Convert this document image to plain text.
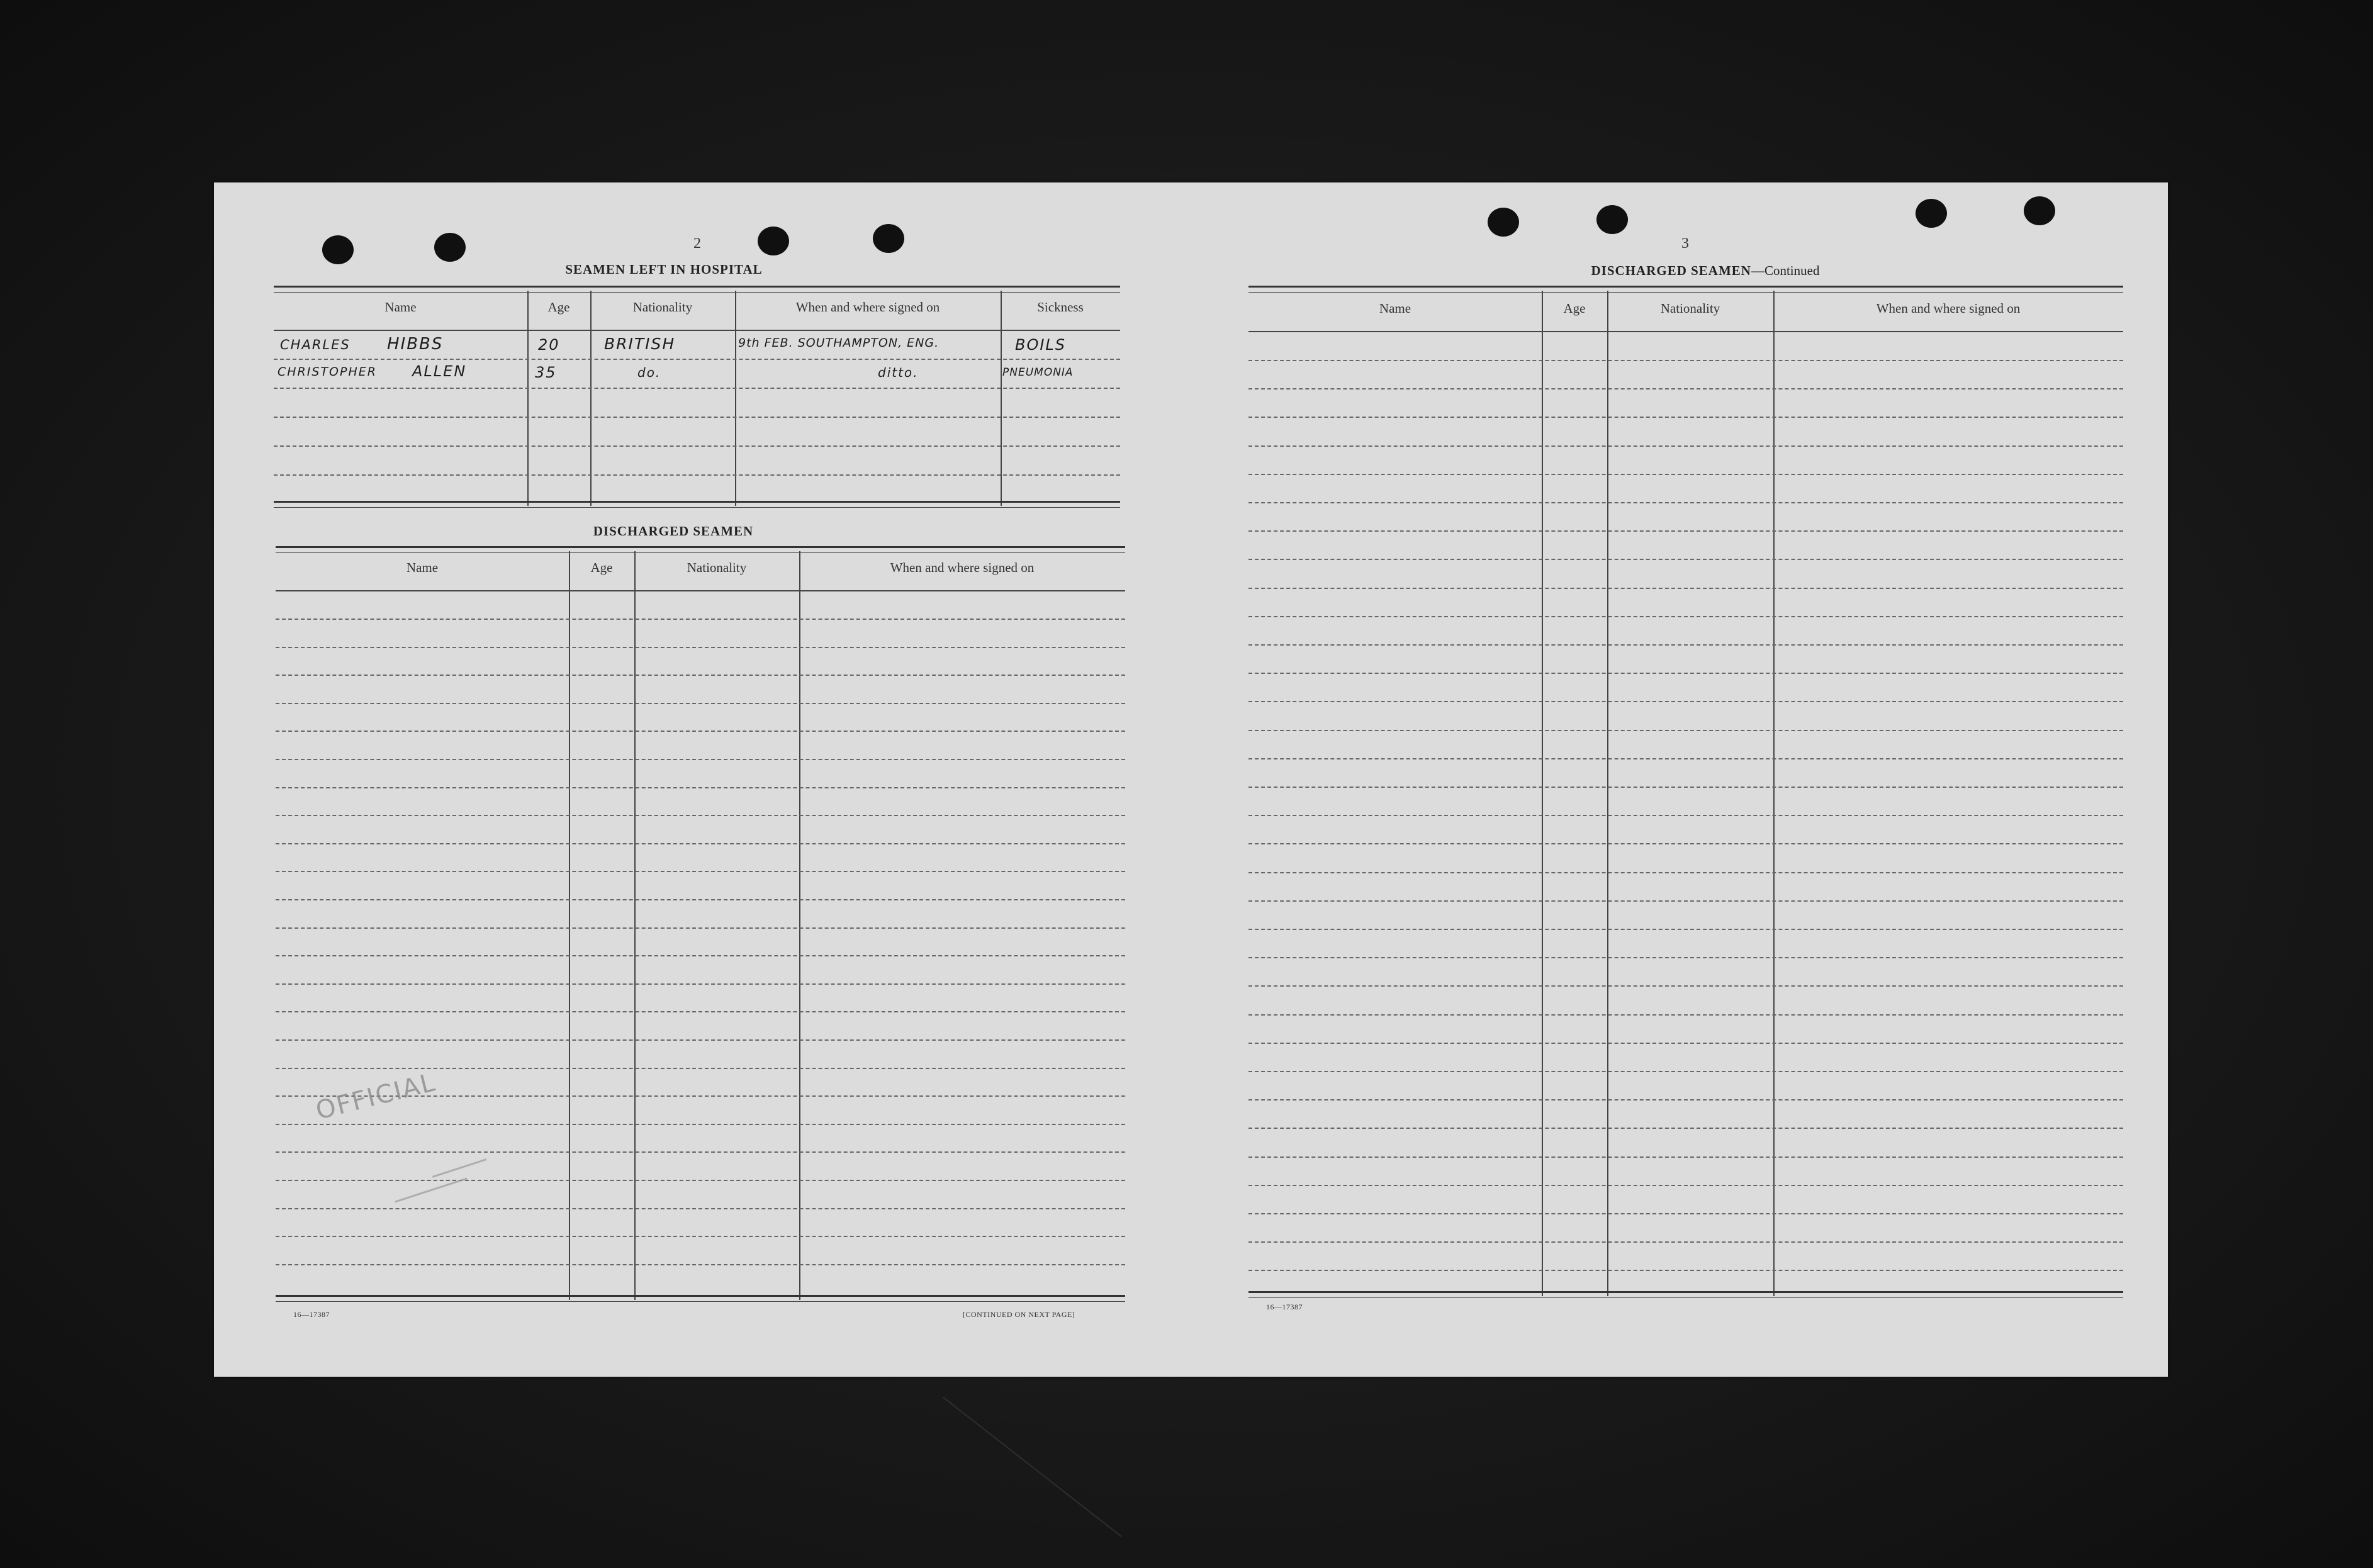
2
SEAMEN LEFT IN HOSPITAL
Name	Age	Nationality	When and where signed on	Sickness
CHARLES HIBBS	20	BRITISH	9th FEB. SOUTHAMPTON, ENG.	BOILS
CHRISTOPHER ALLEN	35	do.	ditto.	PNEUMONIA
DISCHARGED SEAMEN
Name	Age	Nationality	When and where signed on
OFFICIAL
16—17387	[CONTINUED ON NEXT PAGE]
3
DISCHARGED SEAMEN—Continued
Name	Age	Nationality	When and where signed on
16—17387
